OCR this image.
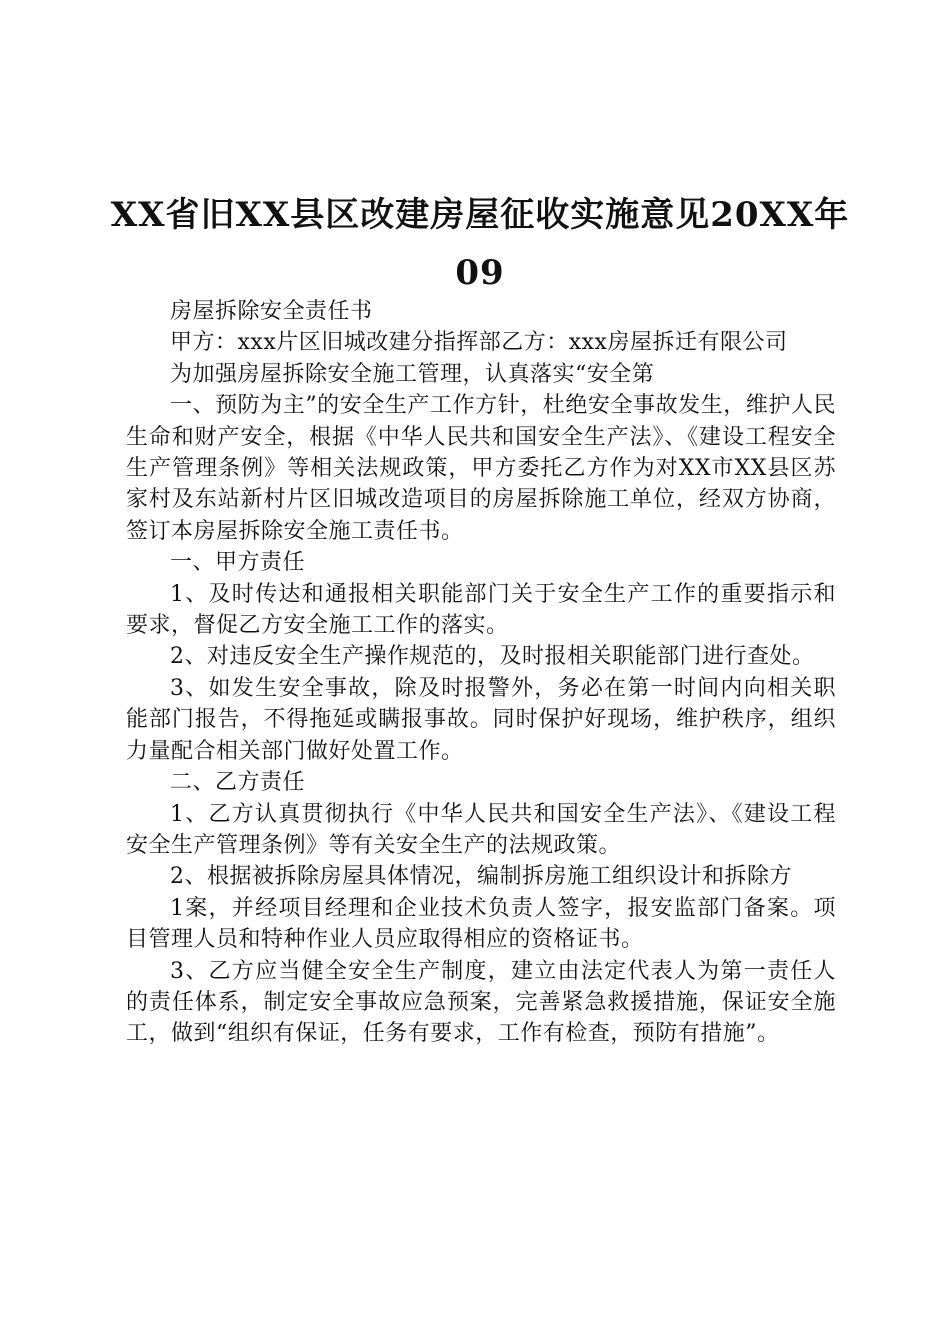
XX省旧XX县区改建房屋征收实施意见20XX年
09

房屋拆除安全责任书

甲方：xxx片区旧城改建分指挥部乙方：xxx房屋拆迁有限公司

为加强房屋拆除安全施工管理，认真落实“安全第

一、预防为主”的安全生产工作方针，杜绝安全事故发生，维护人民生命和财产安全，根据《中华人民共和国安全生产法》、《建设工程安全生产管理条例》等相关法规政策，甲方委托乙方作为对XX市XX县区苏家村及东站新村片区旧城改造项目的房屋拆除施工单位，经双方协商，签订本房屋拆除安全施工责任书。

一、甲方责任

1、及时传达和通报相关职能部门关于安全生产工作的重要指示和要求，督促乙方安全施工工作的落实。

2、对违反安全生产操作规范的，及时报相关职能部门进行查处。

3、如发生安全事故，除及时报警外，务必在第一时间内向相关职能部门报告，不得拖延或瞒报事故。同时保护好现场，维护秩序，组织力量配合相关部门做好处置工作。

二、乙方责任

1、乙方认真贯彻执行《中华人民共和国安全生产法》、《建设工程安全生产管理条例》等有关安全生产的法规政策。

2、根据被拆除房屋具体情况，编制拆房施工组织设计和拆除方

1案，并经项目经理和企业技术负责人签字，报安监部门备案。项目管理人员和特种作业人员应取得相应的资格证书。

3、乙方应当健全安全生产制度，建立由法定代表人为第一责任人的责任体系，制定安全事故应急预案，完善紧急救援措施，保证安全施工，做到“组织有保证，任务有要求，工作有检查，预防有措施”。
